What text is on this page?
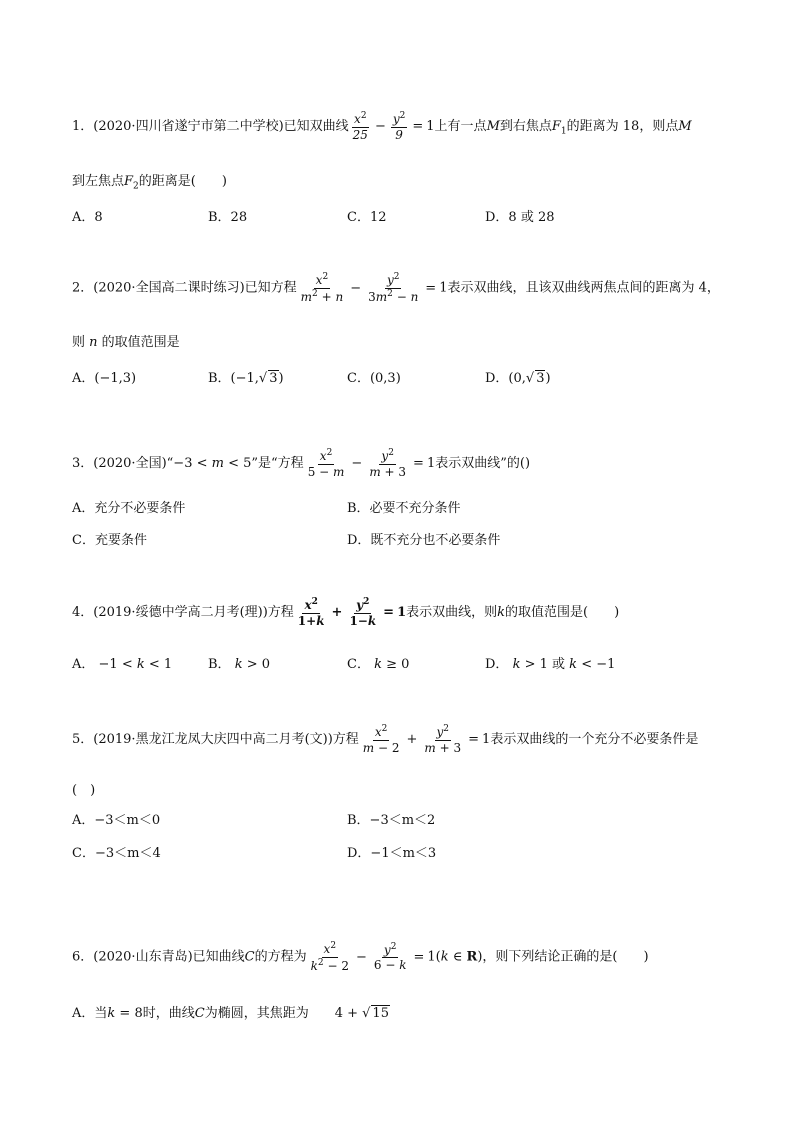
1．(2020·四川省遂宁市第二中学校)已知双曲线 $\frac{x^2}{25} - \frac{y^2}{9} = 1$上有一点M到右焦点$F_1$的距离为 18，则点M
到左焦点$F_2$的距离是(　　)
A．8	B．28	C．12	D．8 或 28
2．(2020·全国高二课时练习)已知方程 $\frac{x^2}{m^2 + n} - \frac{y^2}{3m^2 - n} = 1$表示双曲线，且该双曲线两焦点间的距离为 4，
则 n 的取值范围是
A．(−1,3)	B．(−1,√ 3)	C．(0,3)	D．(0,√ 3)
3．(2020·全国)“−3 < m < 5”是“方程 $\frac{x^2}{5 - m} - \frac{y^2}{m + 3} = 1$表示双曲线”的()
A．充分不必要条件	B．必要不充分条件
C．充要条件	D．既不充分也不必要条件
4．(2019·绥德中学高二月考(理))方程 $\frac{x^2}{1+k} + \frac{y^2}{1-k} = 1$表示双曲线，则k的取值范围是(　　)
A． −1 < k < 1	B． k > 0	C． k ≥ 0	D． k > 1 或 k < −1
5．(2019·黑龙江龙凤大庆四中高二月考(文))方程 $\frac{x^2}{m - 2} + \frac{y^2}{m + 3} = 1$表示双曲线的一个充分不必要条件是
(　)
A．−3＜m＜0	B．−3＜m＜2
C．−3＜m＜4	D．−1＜m＜3
6．(2020·山东青岛)已知曲线C的方程为 $\frac{x^2}{k^2 - 2} - \frac{y^2}{6 - k} = 1(k$ ∈ R)，则下列结论正确的是(　　)
A．当k = 8时，曲线C为椭圆，其焦距为 4 + √ 15
